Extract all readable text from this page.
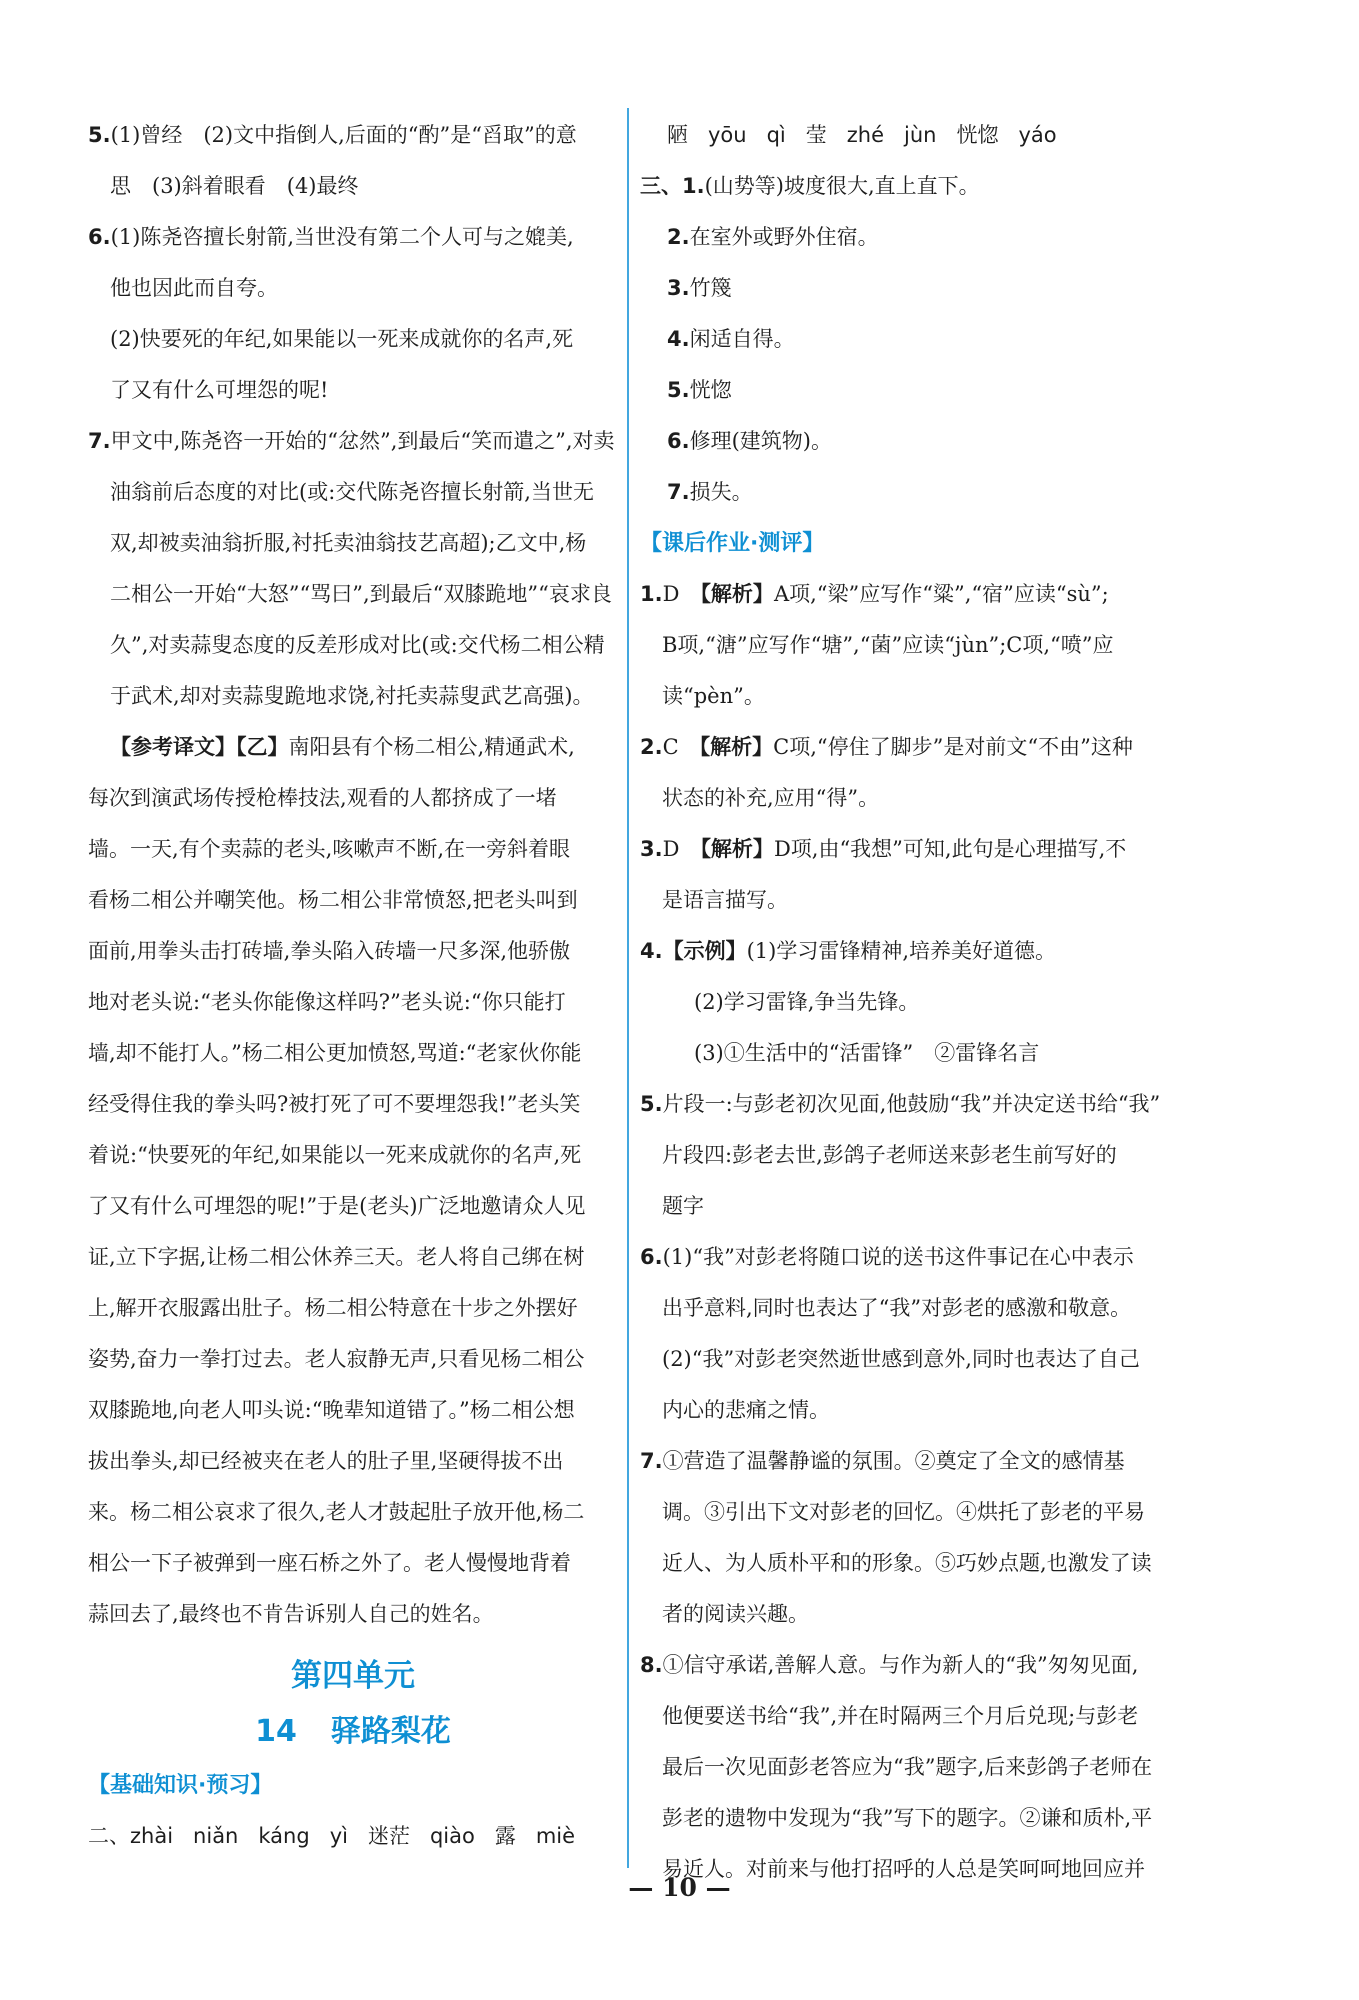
5.(1)曾经　(2)文中指倒人,后面的“酌”是“舀取”的意
思　(3)斜着眼看　(4)最终
6.(1)陈尧咨擅长射箭,当世没有第二个人可与之媲美,
他也因此而自夸。
(2)快要死的年纪,如果能以一死来成就你的名声,死
了又有什么可埋怨的呢!
7.甲文中,陈尧咨一开始的“忿然”,到最后“笑而遣之”,对卖
油翁前后态度的对比(或:交代陈尧咨擅长射箭,当世无
双,却被卖油翁折服,衬托卖油翁技艺高超);乙文中,杨
二相公一开始“大怒”“骂曰”,到最后“双膝跪地”“哀求良
久”,对卖蒜叟态度的反差形成对比(或:交代杨二相公精
于武术,却对卖蒜叟跪地求饶,衬托卖蒜叟武艺高强)。
【参考译文】【乙】南阳县有个杨二相公,精通武术,
每次到演武场传授枪棒技法,观看的人都挤成了一堵
墙。一天,有个卖蒜的老头,咳嗽声不断,在一旁斜着眼
看杨二相公并嘲笑他。杨二相公非常愤怒,把老头叫到
面前,用拳头击打砖墙,拳头陷入砖墙一尺多深,他骄傲
地对老头说:“老头你能像这样吗?”老头说:“你只能打
墙,却不能打人。”杨二相公更加愤怒,骂道:“老家伙你能
经受得住我的拳头吗?被打死了可不要埋怨我!”老头笑
着说:“快要死的年纪,如果能以一死来成就你的名声,死
了又有什么可埋怨的呢!”于是(老头)广泛地邀请众人见
证,立下字据,让杨二相公休养三天。老人将自己绑在树
上,解开衣服露出肚子。杨二相公特意在十步之外摆好
姿势,奋力一拳打过去。老人寂静无声,只看见杨二相公
双膝跪地,向老人叩头说:“晚辈知道错了。”杨二相公想
拔出拳头,却已经被夹在老人的肚子里,坚硬得拔不出
来。杨二相公哀求了很久,老人才鼓起肚子放开他,杨二
相公一下子被弹到一座石桥之外了。老人慢慢地背着
蒜回去了,最终也不肯告诉别人自己的姓名。
第四单元
14 驿路梨花
【基础知识·预习】
二、zhài niǎn káng yì 迷茫 qiào 露 miè
陋 yōu qì 莹 zhé jùn 恍惚 yáo
三、1.(山势等)坡度很大,直上直下。
2.在室外或野外住宿。
3.竹篾
4.闲适自得。
5.恍惚
6.修理(建筑物)。
7.损失。
【课后作业·测评】
1.D　【解析】A项,“梁”应写作“粱”,“宿”应读“sù”;
B项,“溏”应写作“塘”,“菌”应读“jùn”;C项,“喷”应
读“pèn”。
2.C　【解析】C项,“停住了脚步”是对前文“不由”这种
状态的补充,应用“得”。
3.D　【解析】D项,由“我想”可知,此句是心理描写,不
是语言描写。
4.【示例】(1)学习雷锋精神,培养美好道德。
(2)学习雷锋,争当先锋。
(3)①生活中的“活雷锋”　②雷锋名言
5.片段一:与彭老初次见面,他鼓励“我”并决定送书给“我”
片段四:彭老去世,彭鸽子老师送来彭老生前写好的
题字
6.(1)“我”对彭老将随口说的送书这件事记在心中表示
出乎意料,同时也表达了“我”对彭老的感激和敬意。
(2)“我”对彭老突然逝世感到意外,同时也表达了自己
内心的悲痛之情。
7.①营造了温馨静谧的氛围。②奠定了全文的感情基
调。③引出下文对彭老的回忆。④烘托了彭老的平易
近人、为人质朴平和的形象。⑤巧妙点题,也激发了读
者的阅读兴趣。
8.①信守承诺,善解人意。与作为新人的“我”匆匆见面,
他便要送书给“我”,并在时隔两三个月后兑现;与彭老
最后一次见面彭老答应为“我”题字,后来彭鸽子老师在
彭老的遗物中发现为“我”写下的题字。②谦和质朴,平
易近人。对前来与他打招呼的人总是笑呵呵地回应并
— 10 —
